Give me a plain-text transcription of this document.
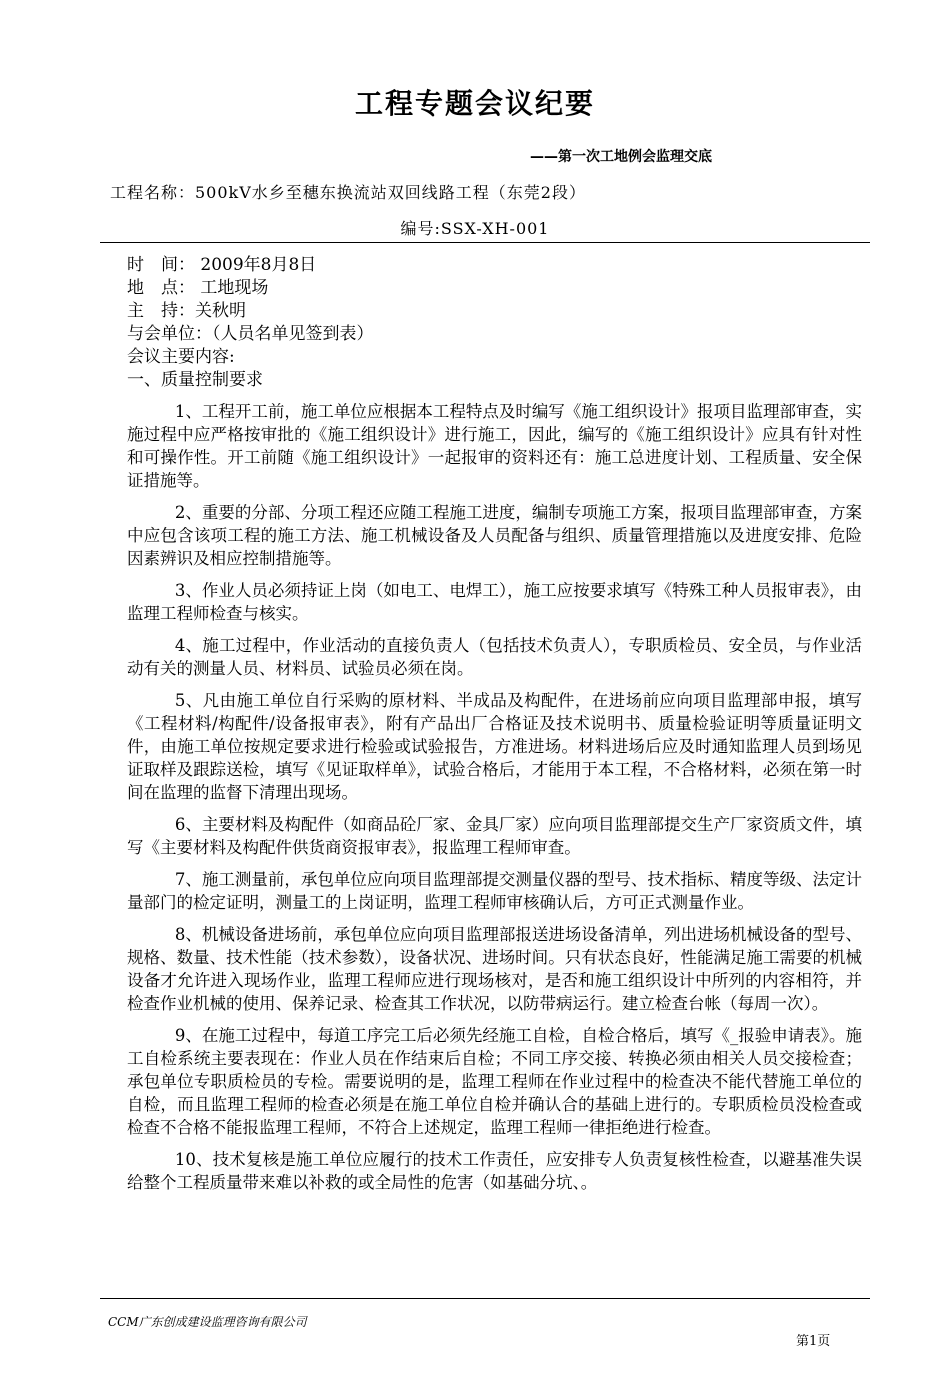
工程专题会议纪要
——第一次工地例会监理交底
工程名称：500kV水乡至穗东换流站双回线路工程（东莞2段）
编号:SSX-XH-001
时　间： 2009年8月8日
地　点： 工地现场
主　持：关秋明
与会单位：（人员名单见签到表）
会议主要内容:
一、质量控制要求

1、工程开工前，施工单位应根据本工程特点及时编写《施工组织设计》报项目监理部审查，实施过程中应严格按审批的《施工组织设计》进行施工，因此，编写的《施工组织设计》应具有针对性和可操作性。开工前随《施工组织设计》一起报审的资料还有：施工总进度计划、工程质量、安全保证措施等。

2、重要的分部、分项工程还应随工程施工进度，编制专项施工方案，报项目监理部审查，方案中应包含该项工程的施工方法、施工机械设备及人员配备与组织、质量管理措施以及进度安排、危险因素辨识及相应控制措施等。

3、作业人员必须持证上岗（如电工、电焊工），施工应按要求填写《特殊工种人员报审表》，由监理工程师检查与核实。

4、施工过程中，作业活动的直接负责人（包括技术负责人），专职质检员、安全员，与作业活动有关的测量人员、材料员、试验员必须在岗。

5、凡由施工单位自行采购的原材料、半成品及构配件，在进场前应向项目监理部申报，填写《工程材料/构配件/设备报审表》，附有产品出厂合格证及技术说明书、质量检验证明等质量证明文件，由施工单位按规定要求进行检验或试验报告，方准进场。材料进场后应及时通知监理人员到场见证取样及跟踪送检，填写《见证取样单》，试验合格后，才能用于本工程，不合格材料，必须在第一时间在监理的监督下清理出现场。

6、主要材料及构配件（如商品砼厂家、金具厂家）应向项目监理部提交生产厂家资质文件，填写《主要材料及构配件供货商资报审表》，报监理工程师审查。

7、施工测量前，承包单位应向项目监理部提交测量仪器的型号、技术指标、精度等级、法定计量部门的检定证明，测量工的上岗证明，监理工程师审核确认后，方可正式测量作业。

8、机械设备进场前，承包单位应向项目监理部报送进场设备清单，列出进场机械设备的型号、规格、数量、技术性能（技术参数），设备状况、进场时间。只有状态良好，性能满足施工需要的机械设备才允许进入现场作业，监理工程师应进行现场核对，是否和施工组织设计中所列的内容相符，并检查作业机械的使用、保养记录、检查其工作状况，以防带病运行。建立检查台帐（每周一次）。

9、在施工过程中，每道工序完工后必须先经施工自检，自检合格后，填写《_报验申请表》。施工自检系统主要表现在：作业人员在作结束后自检；不同工序交接、转换必须由相关人员交接检查；承包单位专职质检员的专检。需要说明的是，监理工程师在作业过程中的检查决不能代替施工单位的自检，而且监理工程师的检查必须是在施工单位自检并确认合的基础上进行的。专职质检员没检查或检查不合格不能报监理工程师，不符合上述规定，监理工程师一律拒绝进行检查。

10、技术复核是施工单位应履行的技术工作责任，应安排专人负责复核性检查，以避基准失误给整个工程质量带来难以补救的或全局性的危害（如基础分坑、。

CCM广东创成建设监理咨询有限公司
第1页
